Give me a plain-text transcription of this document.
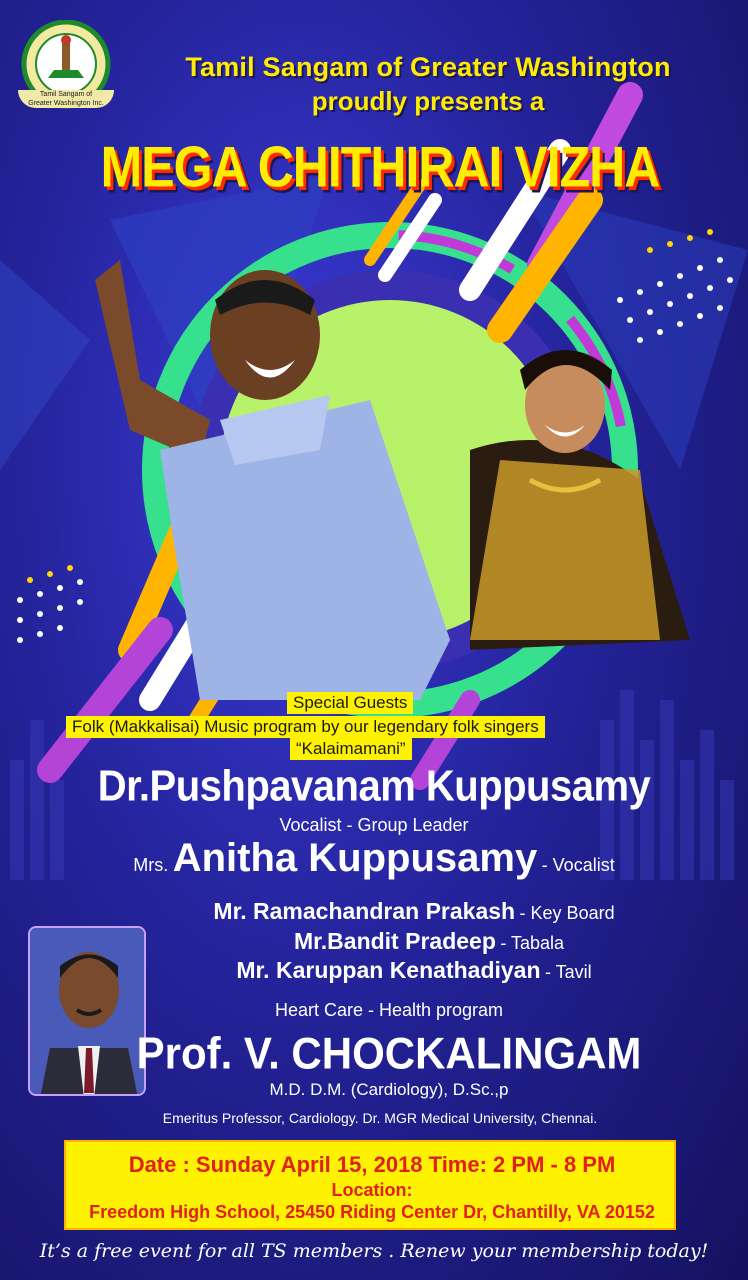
Tamil Sangam of
Greater Washington Inc.
Tamil Sangam of Greater Washington
proudly presents a
MEGA CHITHIRAI VIZHA
Special Guests
Folk (Makkalisai) Music program by our legendary folk singers
“Kalaimamani”
Dr.Pushpavanam Kuppusamy
Vocalist - Group Leader
Mrs. Anitha Kuppusamy - Vocalist
Mr. Ramachandran Prakash - Key Board
Mr.Bandit Pradeep - Tabala
Mr. Karuppan Kenathadiyan - Tavil
Heart Care - Health program
Prof. V. CHOCKALINGAM
M.D. D.M. (Cardiology), D.Sc.,p
Emeritus Professor, Cardiology. Dr. MGR Medical University, Chennai.
Date : Sunday April 15, 2018 Time: 2 PM - 8 PM
Location:
Freedom High School, 25450 Riding Center Dr, Chantilly, VA 20152
It’s a free event for all TS members . Renew your membership today!
